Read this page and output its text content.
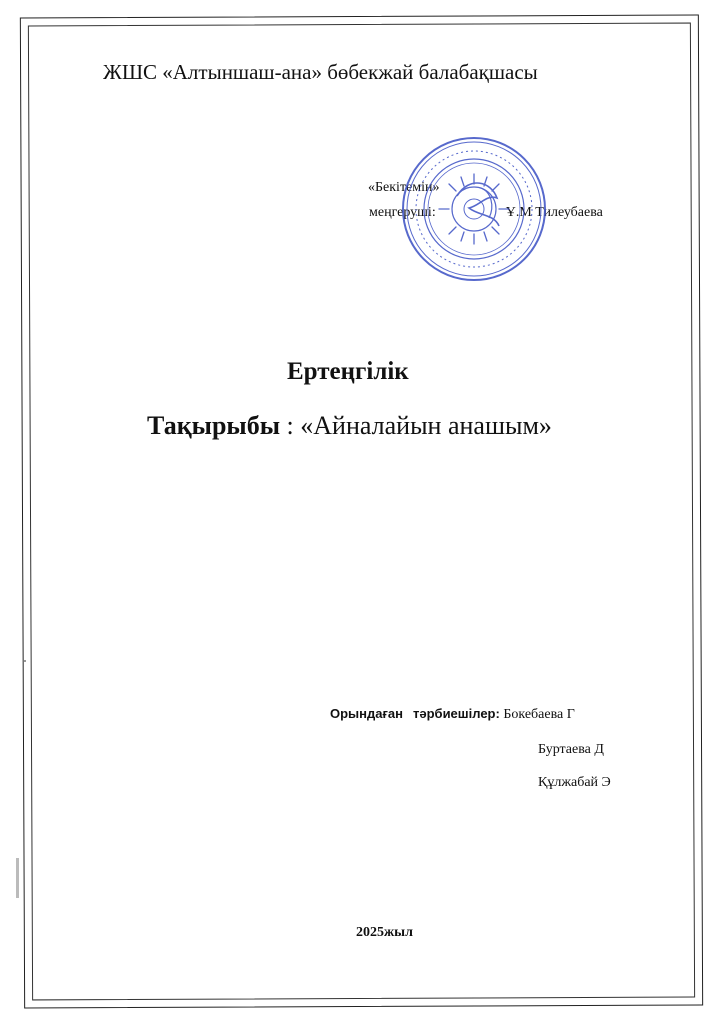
ЖШС «Алтыншаш-ана» бөбекжай балабақшасы
«Бекітемін»
меңгерушi:	Ұ.М Тилеубаева
Ертеңгілік
Тақырыбы : «Айналайын анашым»
Орындаған тәрбиешілер: Бокебаева Г
Буртаева Д
Құлжабай Э
2025жыл
